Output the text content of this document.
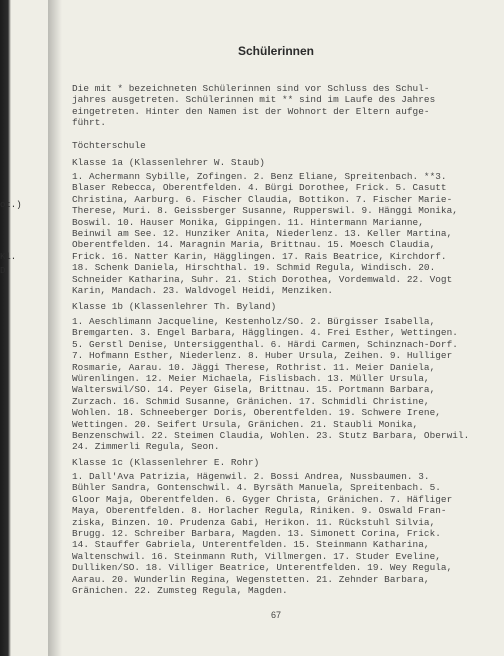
ot.)
Kl.
D
Schülerinnen
Die mit * bezeichneten Schülerinnen sind vor Schluss des Schul-
jahres ausgetreten. Schülerinnen mit ** sind im Laufe des Jahres
eingetreten. Hinter den Namen ist der Wohnort der Eltern aufge-
führt.
Töchterschule
Klasse 1a (Klassenlehrer W. Staub)
1. Achermann Sybille, Zofingen. 2. Benz Eliane, Spreitenbach. **3.
Blaser Rebecca, Oberentfelden. 4. Bürgi Dorothee, Frick. 5. Casutt
Christina, Aarburg. 6. Fischer Claudia, Bottikon. 7. Fischer Marie-
Therese, Muri. 8. Geissberger Susanne, Rupperswil. 9. Hänggi Monika,
Boswil. 10. Hauser Monika, Gippingen. 11. Hintermann Marianne,
Beinwil am See. 12. Hunziker Anita, Niederlenz. 13. Keller Martina,
Oberentfelden. 14. Maragnin Maria, Brittnau. 15. Moesch Claudia,
Frick. 16. Natter Karin, Hägglingen. 17. Rais Beatrice, Kirchdorf.
18. Schenk Daniela, Hirschthal. 19. Schmid Regula, Windisch. 20.
Schneider Katharina, Suhr. 21. Stich Dorothea, Vordemwald. 22. Vogt
Karin, Mandach. 23. Waldvogel Heidi, Menziken.
Klasse 1b (Klassenlehrer Th. Byland)
1. Aeschlimann Jacqueline, Kestenholz/SO. 2. Bürgisser Isabella,
Bremgarten. 3. Engel Barbara, Hägglingen. 4. Frei Esther, Wettingen.
5. Gerstl Denise, Untersiggenthal. 6. Härdi Carmen, Schinznach-Dorf.
7. Hofmann Esther, Niederlenz. 8. Huber Ursula, Zeihen. 9. Hulliger
Rosmarie, Aarau. 10. Jäggi Therese, Rothrist. 11. Meier Daniela,
Würenlingen. 12. Meier Michaela, Fislisbach. 13. Müller Ursula,
Walterswil/SO. 14. Peyer Gisela, Brittnau. 15. Portmann Barbara,
Zurzach. 16. Schmid Susanne, Gränichen. 17. Schmidli Christine,
Wohlen. 18. Schneeberger Doris, Oberentfelden. 19. Schwere Irene,
Wettingen. 20. Seifert Ursula, Gränichen. 21. Staubli Monika,
Benzenschwil. 22. Steimen Claudia, Wohlen. 23. Stutz Barbara, Oberwil.
24. Zimmerli Regula, Seon.
Klasse 1c (Klassenlehrer E. Rohr)
1. Dall'Ava Patrizia, Hägenwil. 2. Bossi Andrea, Nussbaumen. 3.
Bühler Sandra, Gontenschwil. 4. Byrsäth Manuela, Spreitenbach. 5.
Gloor Maja, Oberentfelden. 6. Gyger Christa, Gränichen. 7. Häfliger
Maya, Oberentfelden. 8. Horlacher Regula, Riniken. 9. Oswald Fran-
ziska, Binzen. 10. Prudenza Gabi, Herikon. 11. Rückstuhl Silvia,
Brugg. 12. Schreiber Barbara, Magden. 13. Simonett Corina, Frick.
14. Stauffer Gabriela, Unterentfelden. 15. Steinmann Katharina,
Waltenschwil. 16. Steinmann Ruth, Villmergen. 17. Studer Eveline,
Dulliken/SO. 18. Villiger Beatrice, Unterentfelden. 19. Wey Regula,
Aarau. 20. Wunderlin Regina, Wegenstetten. 21. Zehnder Barbara,
Gränichen. 22. Zumsteg Regula, Magden.
67
